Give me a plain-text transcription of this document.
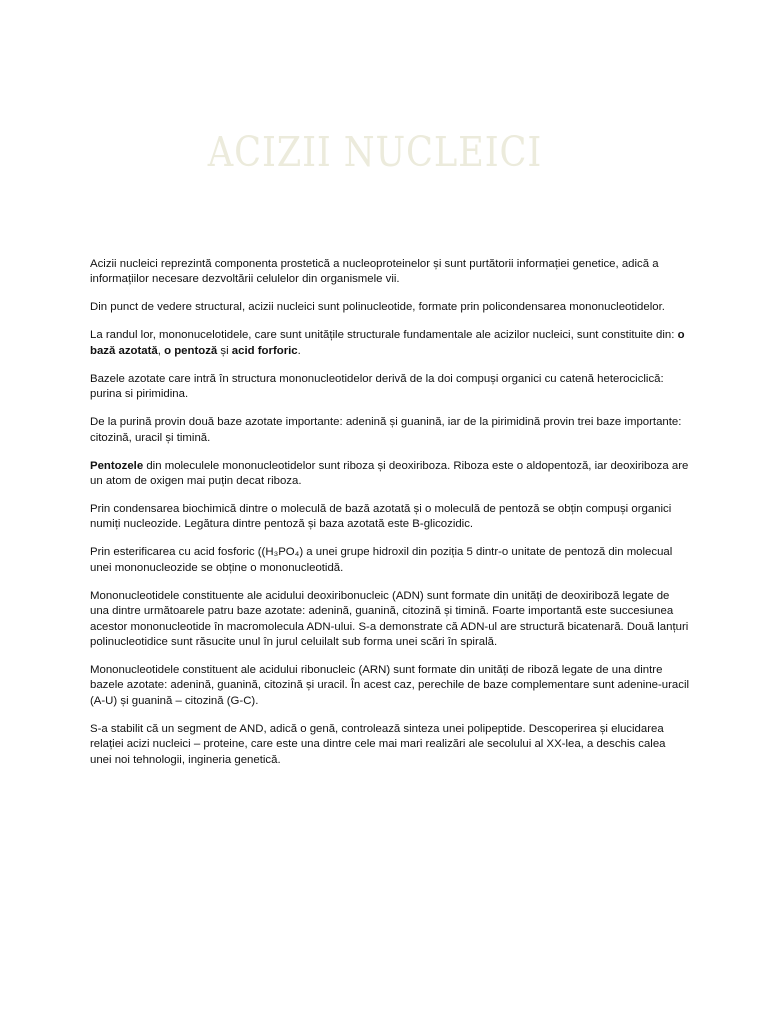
ACIZII NUCLEICI

Acizii nucleici reprezintă componenta prostetică a nucleoproteinelor și sunt purtătorii informației genetice, adică a informațiilor necesare dezvoltării celulelor din organismele vii.

Din punct de vedere structural, acizii nucleici sunt polinucleotide, formate prin policondensarea mononucleotidelor.

La randul lor, mononucelotidele, care sunt unitățile structurale fundamentale ale acizilor nucleici, sunt constituite din: o bază azotată, o pentoză și acid forforic.

Bazele azotate care intră în structura mononucleotidelor derivă de la doi compuși organici cu catenă heterociclică: purina si pirimidina.

De la purină provin două baze azotate importante: adenină și guanină, iar de la pirimidină provin trei baze importante: citozină, uracil și timină.

Pentozele din moleculele mononucleotidelor sunt riboza și deoxiriboza. Riboza este o aldopentoză, iar deoxiriboza are un atom de oxigen mai puțin decat riboza.

Prin condensarea biochimică dintre o moleculă de bază azotată și o moleculă de pentoză se obțin compuși organici numiți nucleozide. Legătura dintre pentoză și baza azotată este B-glicozidic.

Prin esterificarea cu acid fosforic ((H₃PO₄) a unei grupe hidroxil din poziția 5 dintr-o unitate de pentoză din molecual unei mononucleozide se obține o mononucleotidă.

Mononucleotidele constituente ale acidului deoxiribonucleic (ADN) sunt formate din unități de deoxiriboză legate de una dintre următoarele patru baze azotate: adenină, guanină, citozină și timină. Foarte importantă este succesiunea acestor mononucleotide în macromolecula ADN-ului. S-a demonstrate că ADN-ul are structură bicatenară. Două lanțuri polinucleotidice sunt răsucite unul în jurul celuilalt sub forma unei scări în spirală.

Mononucleotidele constituent ale acidului ribonucleic (ARN) sunt formate din unități de riboză legate de una dintre bazele azotate: adenină, guanină, citozină și uracil. În acest caz, perechile de baze complementare sunt adenine-uracil (A-U) și guanină – citozină (G-C).

S-a stabilit că un segment de AND, adică o genă, controlează sinteza unei polipeptide. Descoperirea și elucidarea relației acizi nucleici – proteine, care este una dintre cele mai mari realizări ale secolului al XX-lea, a deschis calea unei noi tehnologii, ingineria genetică.
